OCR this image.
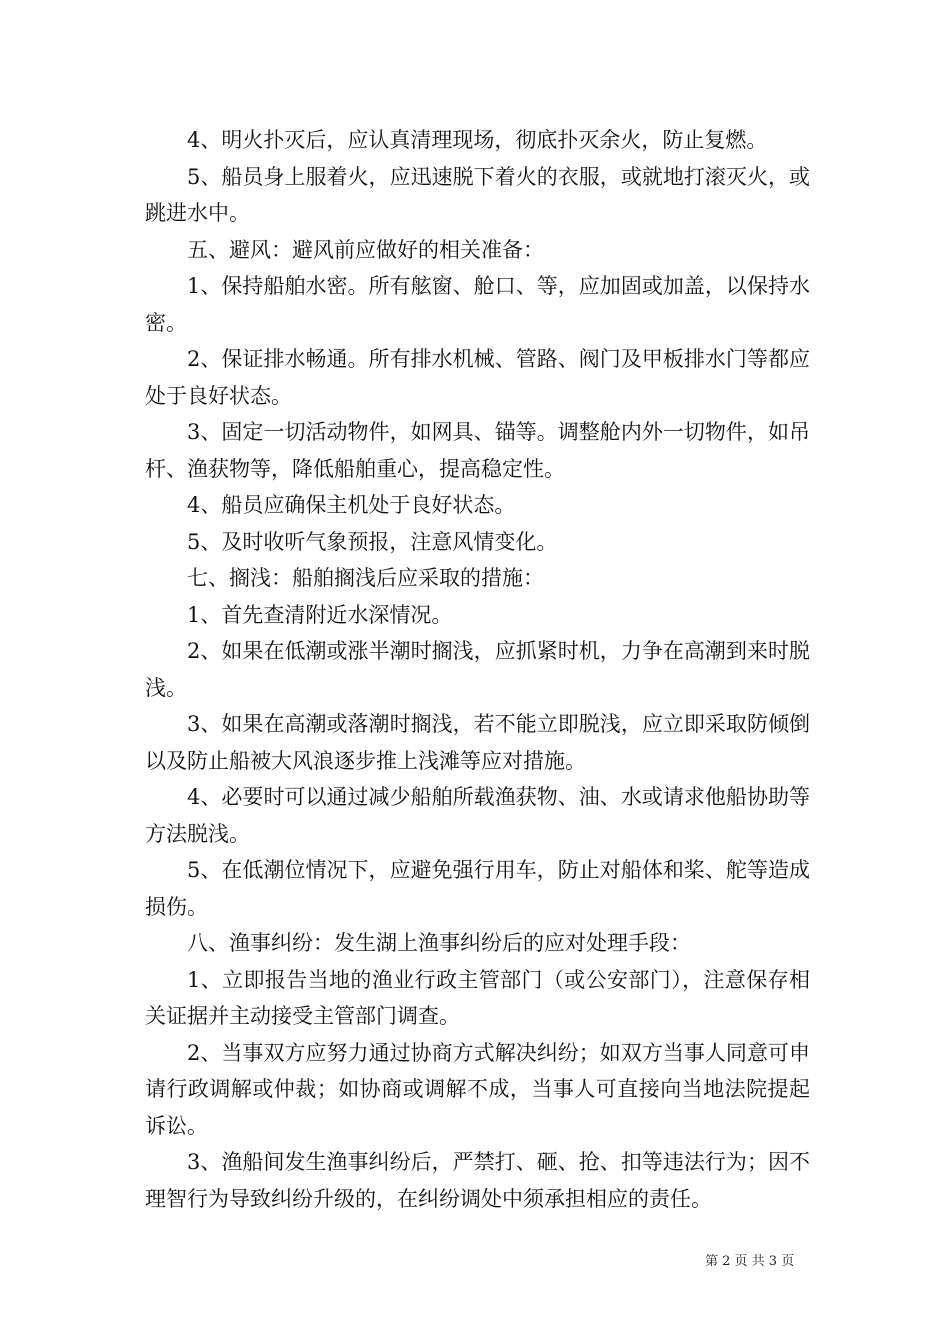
4、明火扑灭后，应认真清理现场，彻底扑灭余火，防止复燃。

5、船员身上服着火，应迅速脱下着火的衣服，或就地打滚灭火，或跳进水中。

五、避风：避风前应做好的相关准备：

1、保持船舶水密。所有舷窗、舱口、等，应加固或加盖，以保持水密。

2、保证排水畅通。所有排水机械、管路、阀门及甲板排水门等都应处于良好状态。

3、固定一切活动物件，如网具、锚等。调整舱内外一切物件，如吊杆、渔获物等，降低船舶重心，提高稳定性。

4、船员应确保主机处于良好状态。

5、及时收听气象预报，注意风情变化。

七、搁浅：船舶搁浅后应采取的措施：

1、首先查清附近水深情况。

2、如果在低潮或涨半潮时搁浅，应抓紧时机，力争在高潮到来时脱浅。

3、如果在高潮或落潮时搁浅，若不能立即脱浅，应立即采取防倾倒以及防止船被大风浪逐步推上浅滩等应对措施。

4、必要时可以通过减少船舶所载渔获物、油、水或请求他船协助等方法脱浅。

5、在低潮位情况下，应避免强行用车，防止对船体和桨、舵等造成损伤。

八、渔事纠纷：发生湖上渔事纠纷后的应对处理手段：

1、立即报告当地的渔业行政主管部门（或公安部门），注意保存相关证据并主动接受主管部门调查。

2、当事双方应努力通过协商方式解决纠纷；如双方当事人同意可申请行政调解或仲裁；如协商或调解不成，当事人可直接向当地法院提起诉讼。

3、渔船间发生渔事纠纷后，严禁打、砸、抢、扣等违法行为；因不理智行为导致纠纷升级的，在纠纷调处中须承担相应的责任。

第 2 页 共 3 页
